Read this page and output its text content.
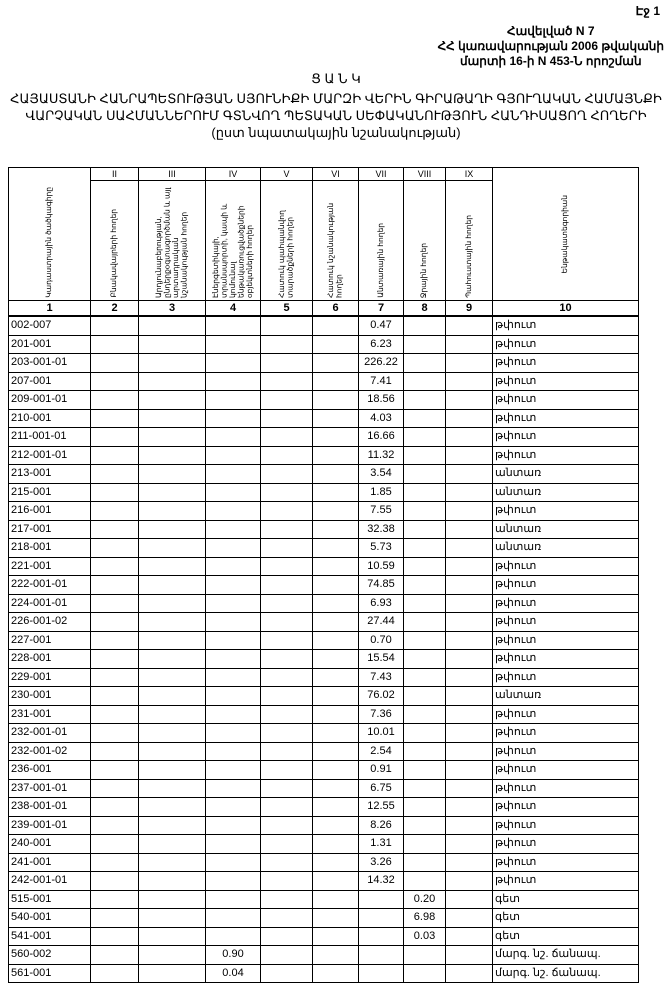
Էջ 1
Հավելված N 7
ՀՀ կառավարության 2006 թվականի
մարտի 16-ի N 453-Ն որոշման
Ց Ա Ն Կ
ՀԱՅԱՍՏԱՆԻ ՀԱՆՐԱՊԵՏՈՒԹՅԱՆ ՍՅՈՒՆԻՔԻ ՄԱՐԶԻ ՎԵՐԻՆ ԳԻՐԱԹԱՂԻ ԳՅՈՒՂԱԿԱՆ ՀԱՄԱՅՆՔԻ
ՎԱՐՉԱԿԱՆ ՍԱՀՄԱՆՆԵՐՈՒՄ ԳՏՆՎՈՂ ՊԵՏԱԿԱՆ ՍԵՓԱԿԱՆՈՒԹՅՈՒՆ ՀԱՆԴԻՍԱՑՈՂ ՀՈՂԵՐԻ
(ըստ նպատակային նշանակության)
Կադաստրային ծածկագիրը	II	III	IV	V	VI	VII	VIII	IX	Ենթակատեգորիան

	Բնակավայրերի հողեր	Արդյունաբերության, ընդերքօգտագործման և այլ արտադրական նշանակության հողեր	Էներգետիկայի, տրանսպորտի, կապի և կոմունալ ենթակառուցվածքների օբյեկտների հողեր	Հատուկ պահպանվող տարածքների հողեր	Հատուկ նշանակության հողեր	Անտառային հողեր	Ջրային հողեր	Պահուստային հողեր	

1	2	3	4	5	6	7	8	9	10
002-007						0.47			թփուտ
201-001						6.23			թփուտ
203-001-01						226.22			թփուտ
207-001						7.41			թփուտ
209-001-01						18.56			թփուտ
210-001						4.03			թփուտ
211-001-01						16.66			թփուտ
212-001-01						11.32			թփուտ
213-001						3.54			անտառ
215-001						1.85			անտառ
216-001						7.55			թփուտ
217-001						32.38			անտառ
218-001						5.73			անտառ
221-001						10.59			թփուտ
222-001-01						74.85			թփուտ
224-001-01						6.93			թփուտ
226-001-02						27.44			թփուտ
227-001						0.70			թփուտ
228-001						15.54			թփուտ
229-001						7.43			թփուտ
230-001						76.02			անտառ
231-001						7.36			թփուտ
232-001-01						10.01			թփուտ
232-001-02						2.54			թփուտ
236-001						0.91			թփուտ
237-001-01						6.75			թփուտ
238-001-01						12.55			թփուտ
239-001-01						8.26			թփուտ
240-001						1.31			թփուտ
241-001						3.26			թփուտ
242-001-01						14.32			թփուտ
515-001							0.20		գետ
540-001							6.98		գետ
541-001							0.03		գետ
560-002			0.90						մարգ. նշ. ճանապ.
561-001			0.04						մարգ. նշ. ճանապ.
